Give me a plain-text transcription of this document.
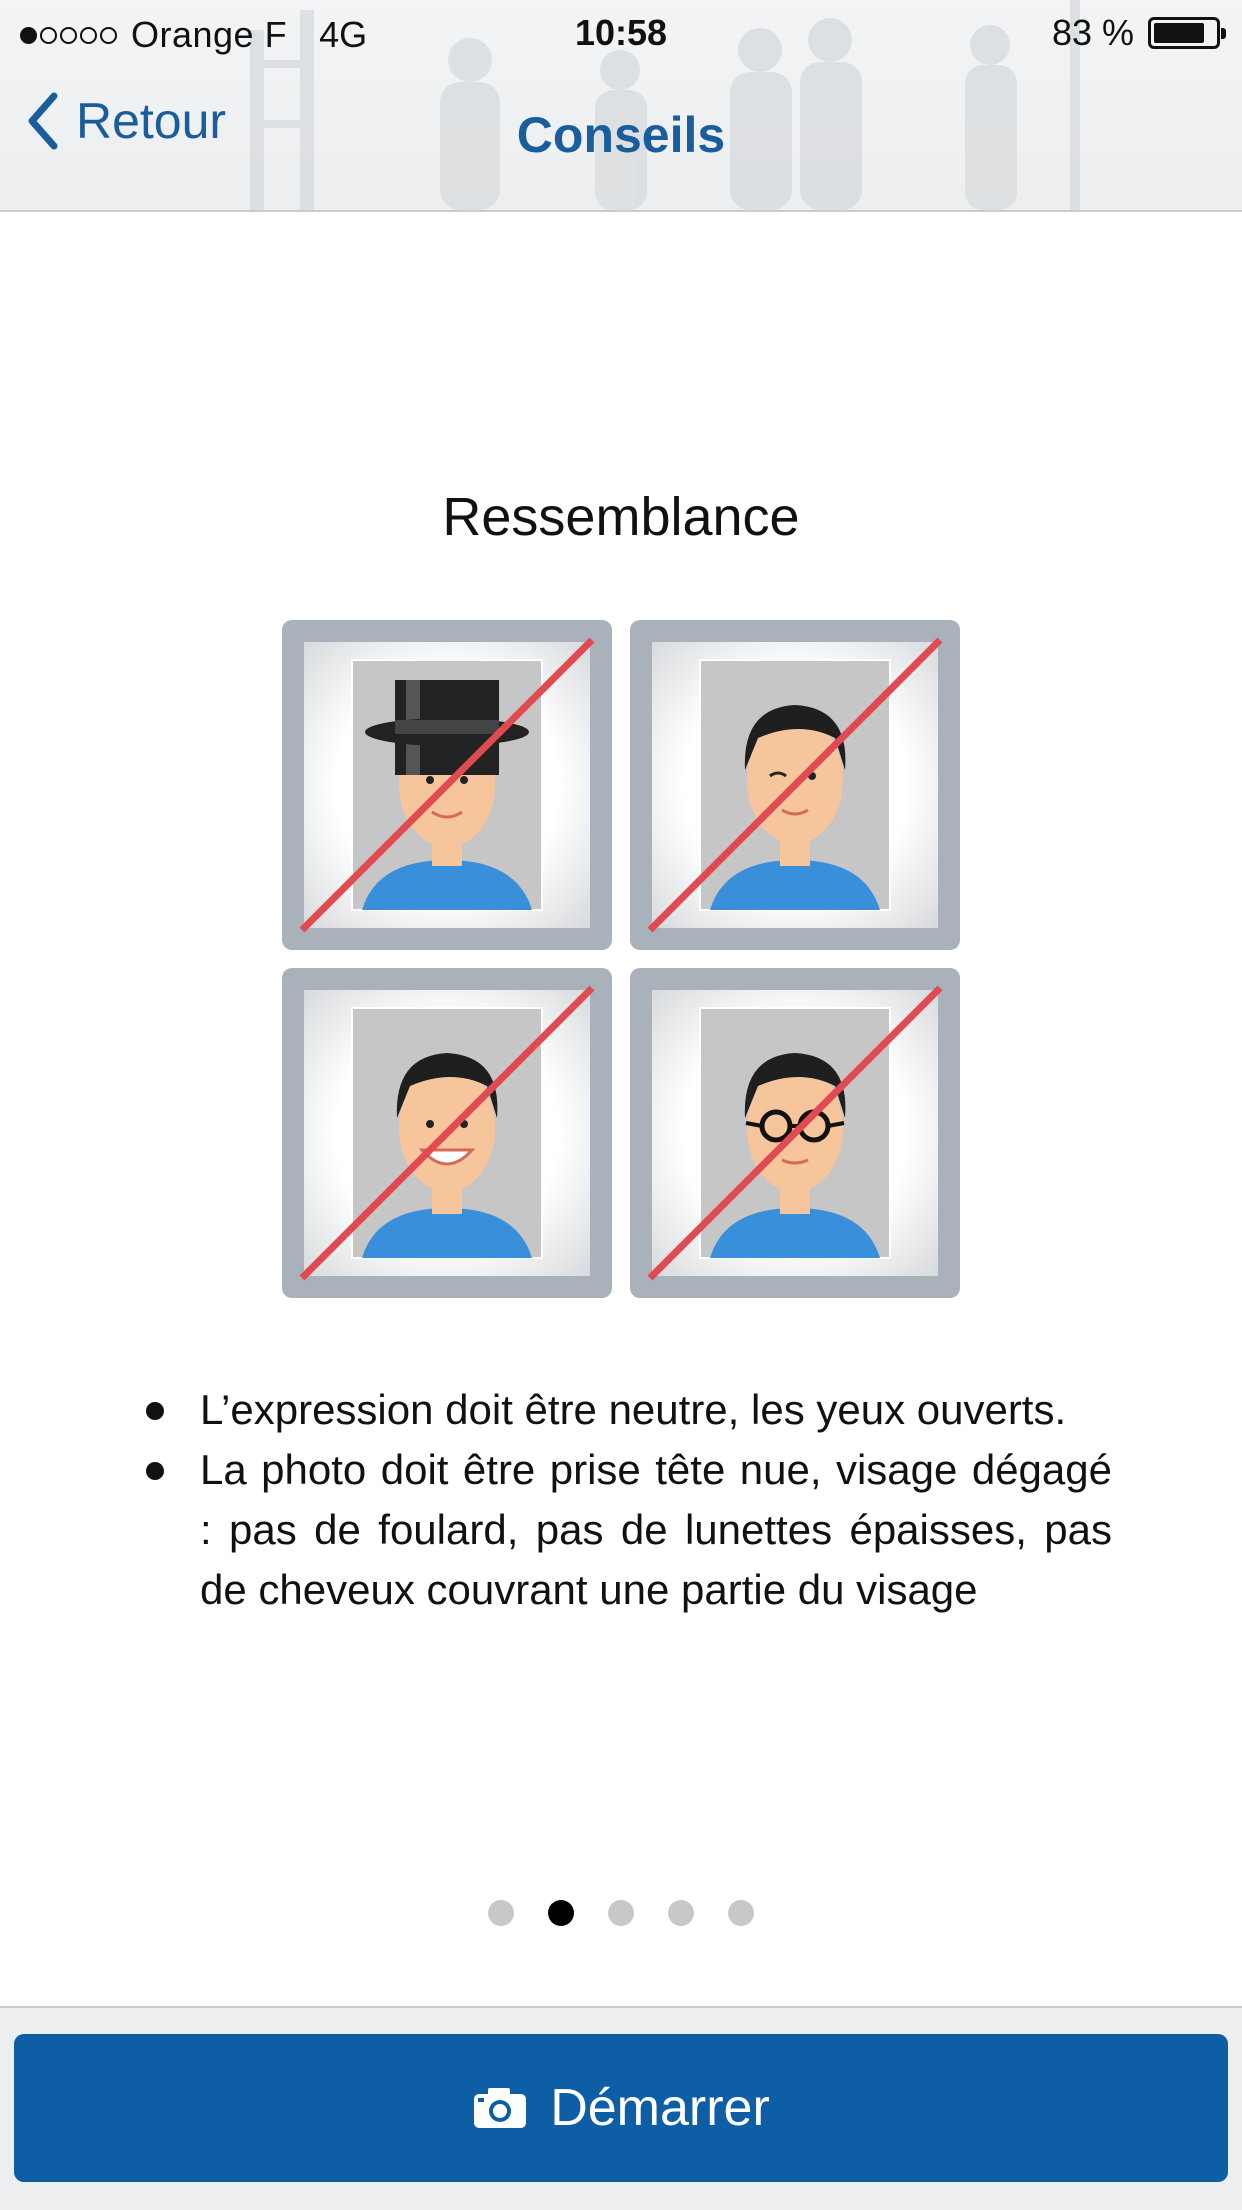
Orange F 4G	10:58	83 %
Retour	Conseils
Ressemblance
L’expression doit être neutre, les yeux ouverts.
La photo doit être prise tête nue, visage dégagé : pas de foulard, pas de lunettes épaisses, pas de cheveux couvrant une partie du visage
Démarrer
